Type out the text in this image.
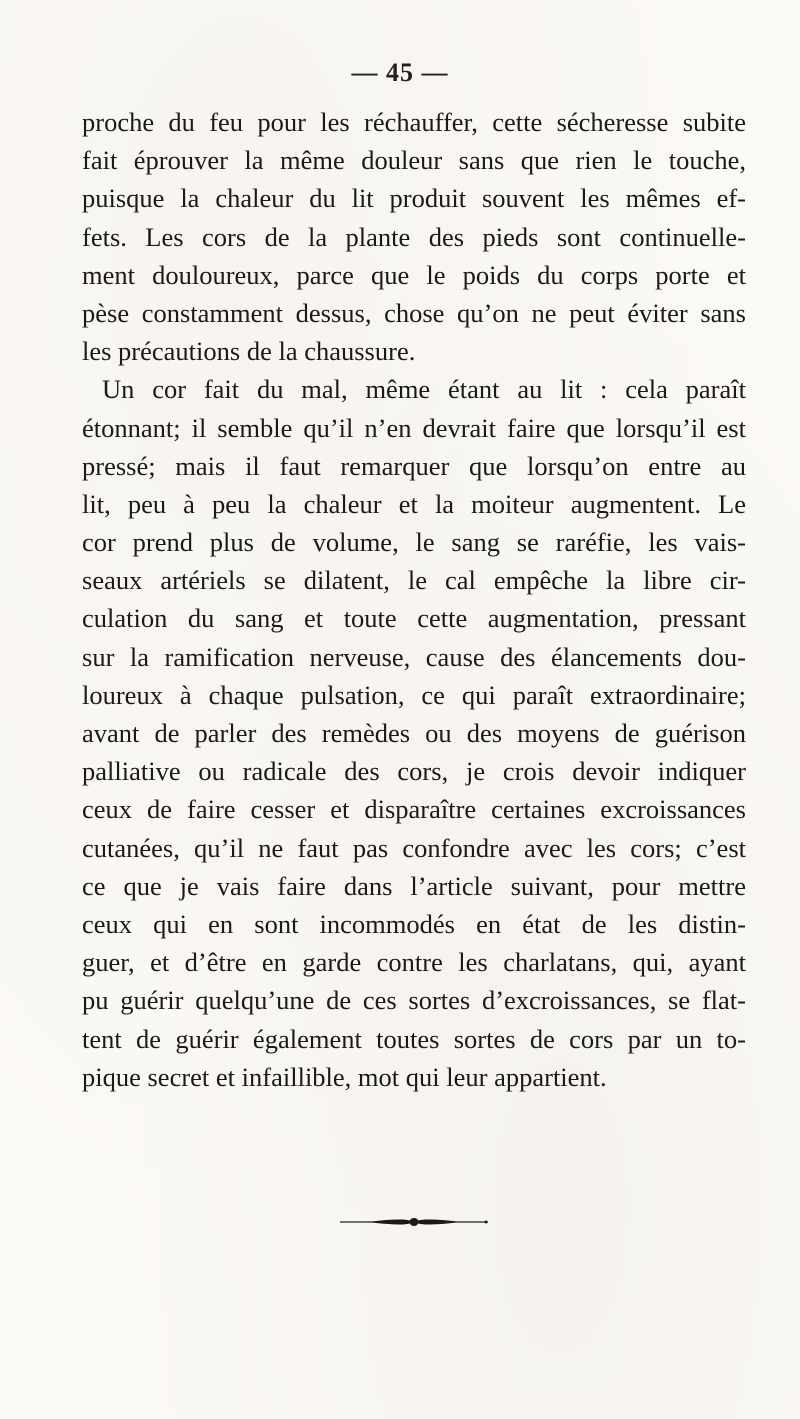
— 45 —
proche du feu pour les réchauffer, cette sécheresse subite
fait éprouver la même douleur sans que rien le touche,
puisque la chaleur du lit produit souvent les mêmes ef-
fets. Les cors de la plante des pieds sont continuelle-
ment douloureux, parce que le poids du corps porte et
pèse constamment dessus, chose qu’on ne peut éviter sans
les précautions de la chaussure.
Un cor fait du mal, même étant au lit : cela paraît
étonnant; il semble qu’il n’en devrait faire que lorsqu’il est
pressé; mais il faut remarquer que lorsqu’on entre au
lit, peu à peu la chaleur et la moiteur augmentent. Le
cor prend plus de volume, le sang se raréfie, les vais-
seaux artériels se dilatent, le cal empêche la libre cir-
culation du sang et toute cette augmentation, pressant
sur la ramification nerveuse, cause des élancements dou-
loureux à chaque pulsation, ce qui paraît extraordinaire;
avant de parler des remèdes ou des moyens de guérison
palliative ou radicale des cors, je crois devoir indiquer
ceux de faire cesser et disparaître certaines excroissances
cutanées, qu’il ne faut pas confondre avec les cors; c’est
ce que je vais faire dans l’article suivant, pour mettre
ceux qui en sont incommodés en état de les distin-
guer, et d’être en garde contre les charlatans, qui, ayant
pu guérir quelqu’une de ces sortes d’excroissances, se flat-
tent de guérir également toutes sortes de cors par un to-
pique secret et infaillible, mot qui leur appartient.
